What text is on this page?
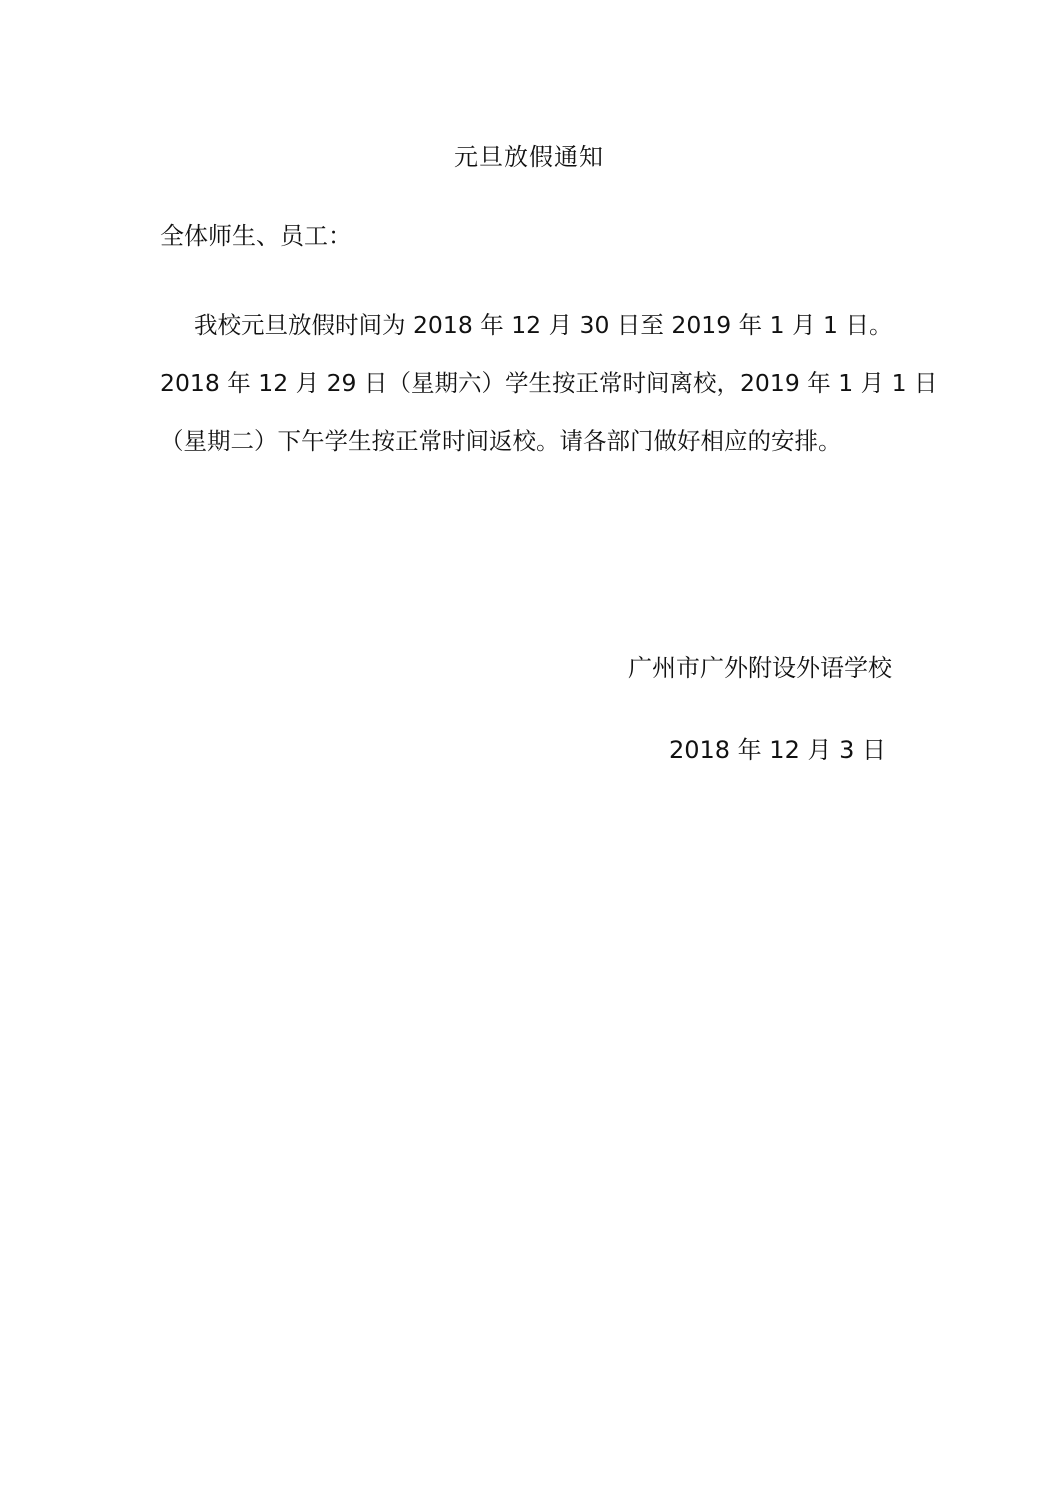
元旦放假通知
全体师生、员工：
我校元旦放假时间为 2018 年 12 月 30 日至 2019 年 1 月 1 日。
2018 年 12 月 29 日（星期六）学生按正常时间离校，2019 年 1 月 1 日
（星期二）下午学生按正常时间返校。请各部门做好相应的安排。
广州市广外附设外语学校
2018 年 12 月 3 日
